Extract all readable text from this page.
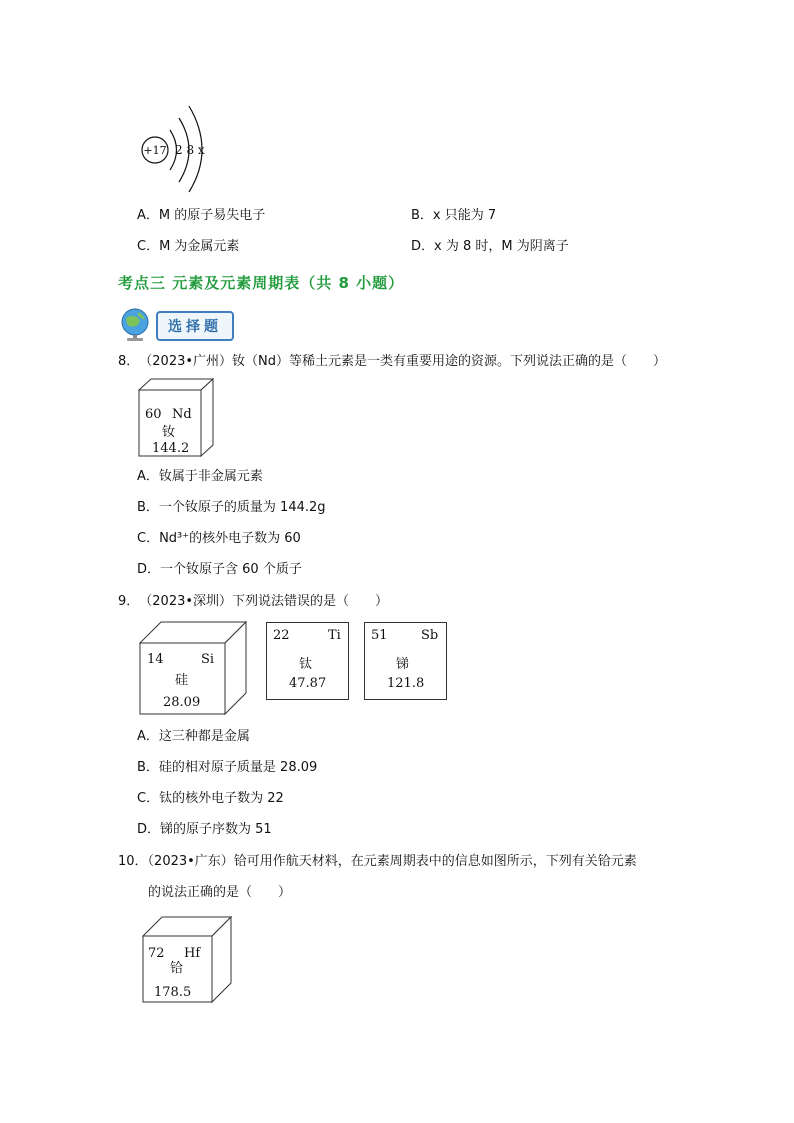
+17 2 8 x
A．M 的原子易失电子	B．x 只能为 7
C．M 为金属元素	D．x 为 8 时，M 为阴离子
考点三 元素及元素周期表（共 8 小题）
选择题
8．　（2023•广州）钕（Nd）等稀土元素是一类有重要用途的资源。下列说法正确的是（　　）
60 Nd
钕
144.2
A．钕属于非金属元素
B．一个钕原子的质量为 144.2g
C．Nd³⁺的核外电子数为 60
D．一个钕原子含 60 个质子
9．　（2023•深圳）下列说法错误的是（　　）
14	Si
硅
28.09
22	Ti
钛
47.87
51	Sb
锑
121.8
A．这三种都是金属
B．硅的相对原子质量是 28.09
C．钛的核外电子数为 22
D．锑的原子序数为 51
10．（2023•广东）铪可用作航天材料，在元素周期表中的信息如图所示，下列有关铪元素
的说法正确的是（　　）
72 Hf
铪
178.5
